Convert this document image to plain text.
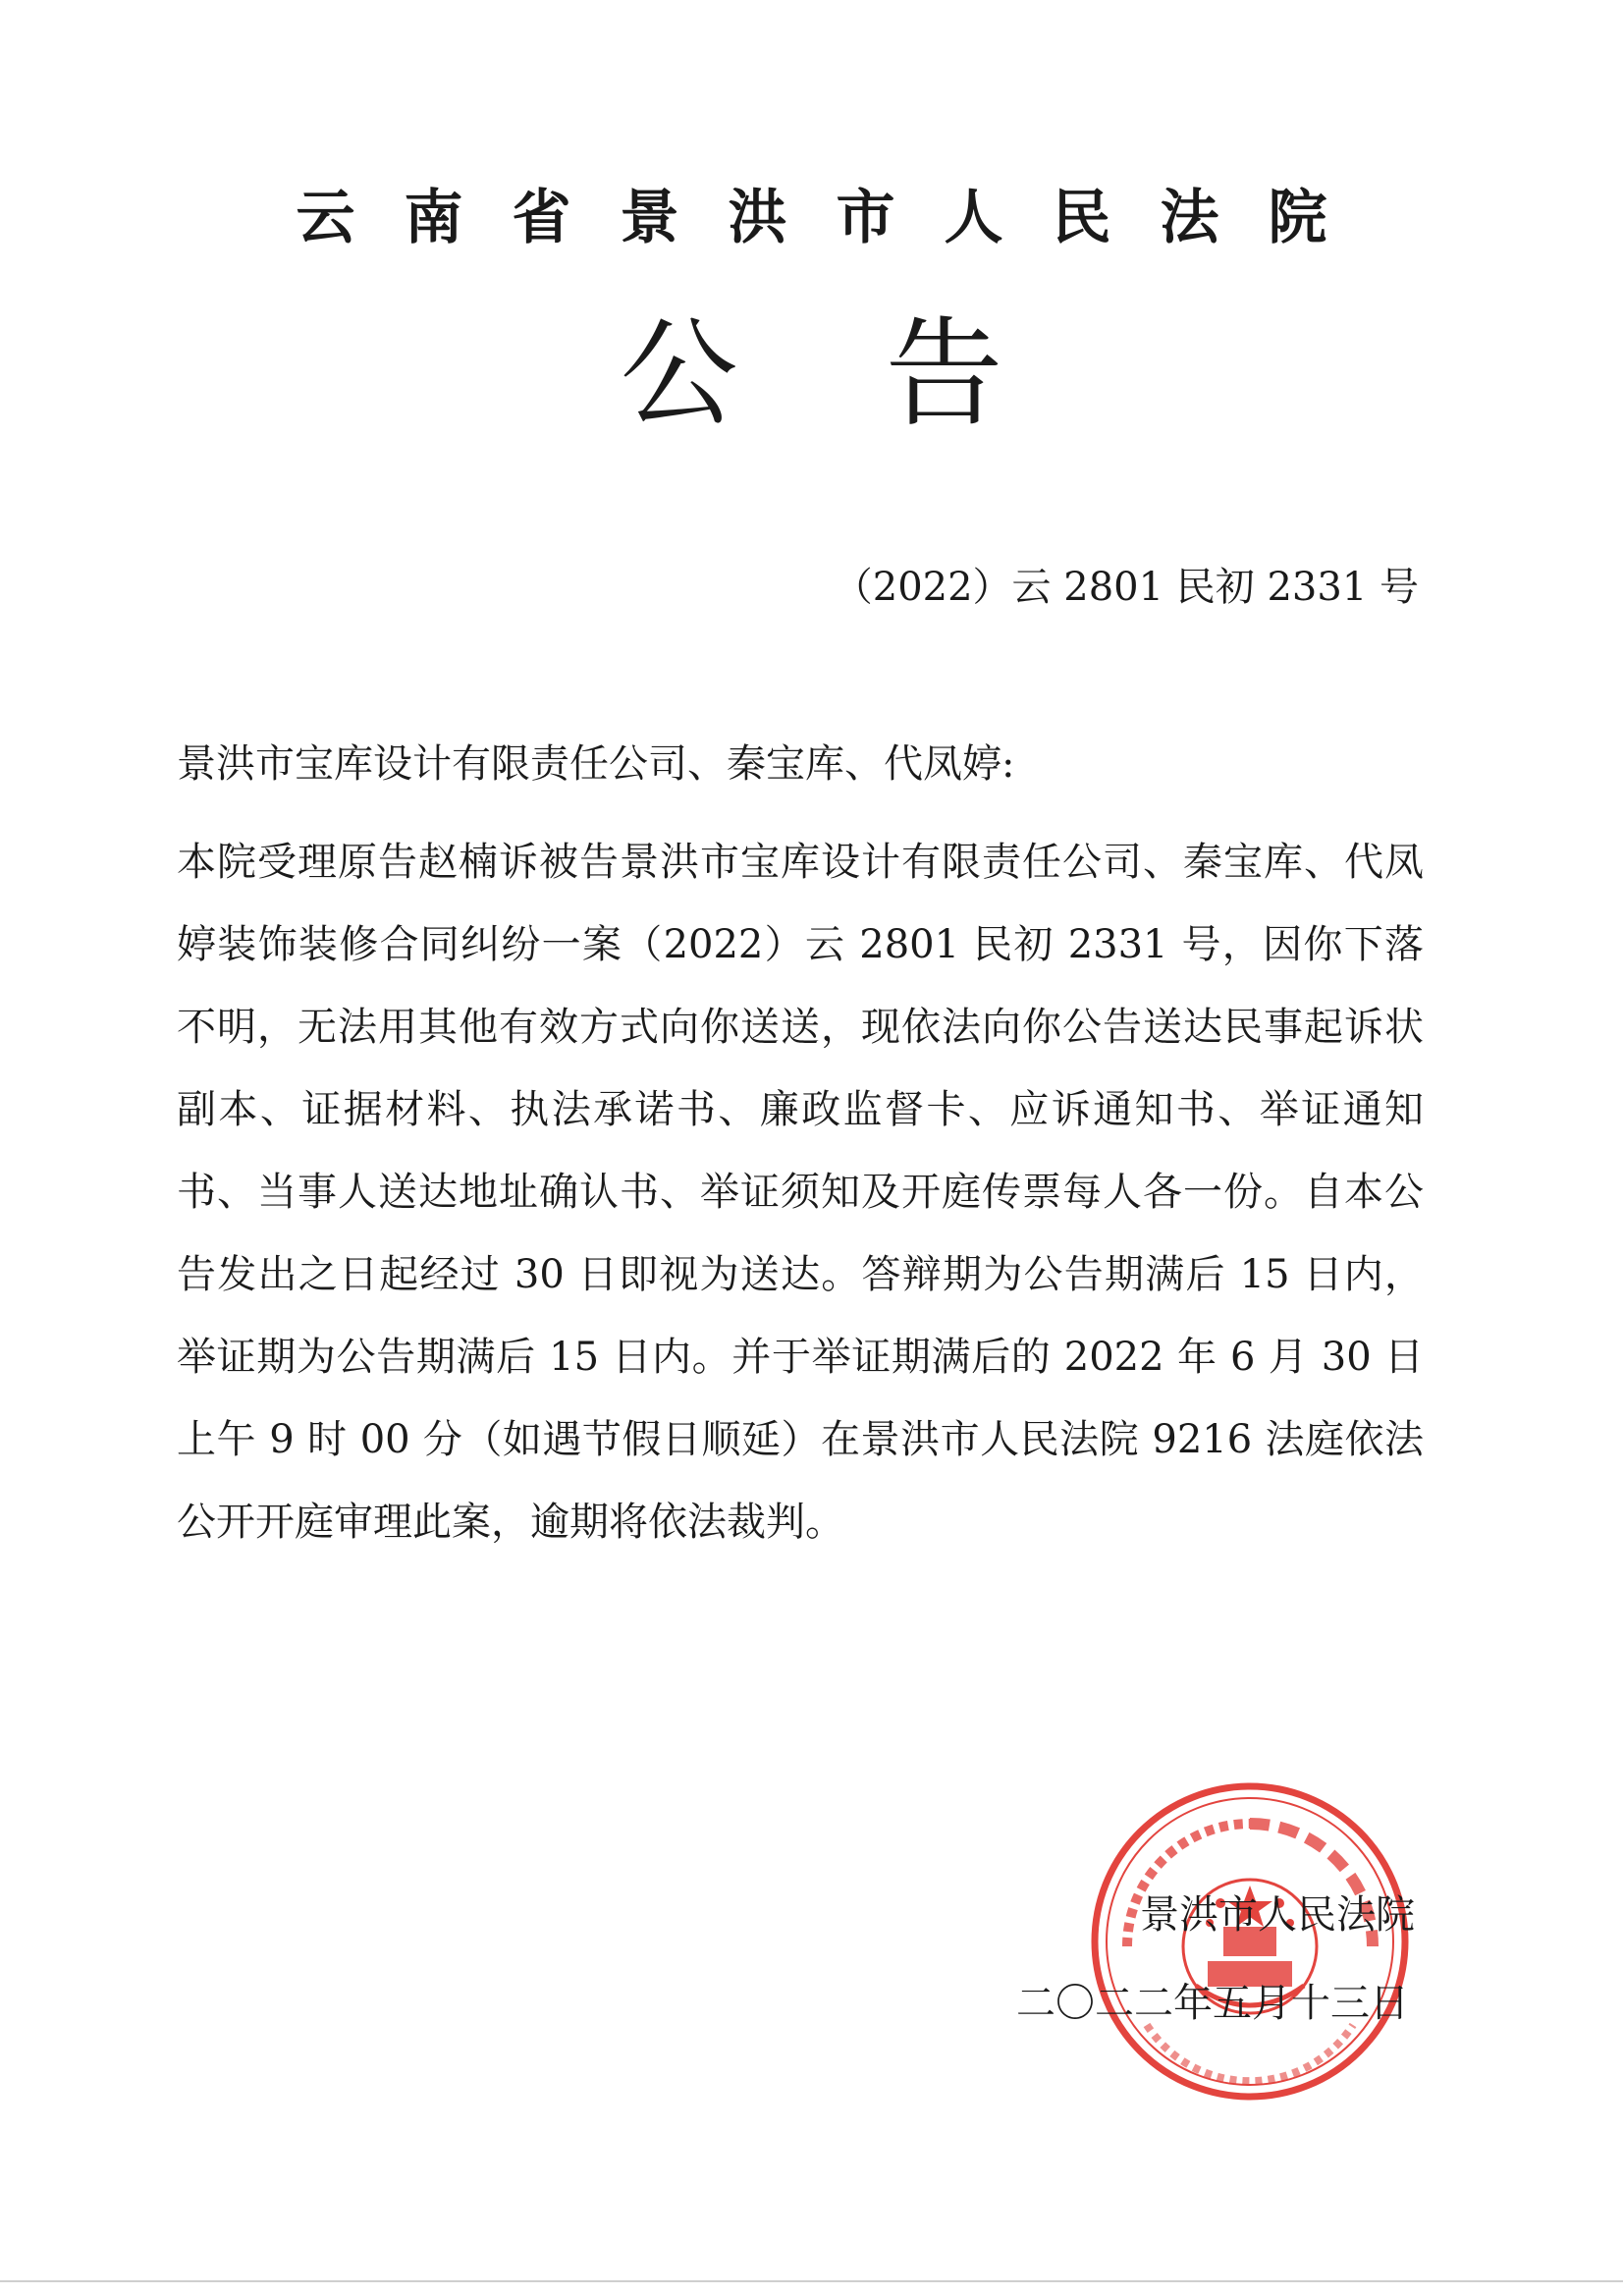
云南省景洪市人民法院
公告
（2022）云 2801 民初 2331 号
景洪市宝库设计有限责任公司、秦宝库、代凤婷:

本院受理原告赵楠诉被告景洪市宝库设计有限责任公司、秦宝库、代凤婷装饰装修合同纠纷一案（2022）云 2801 民初 2331 号，因你下落不明，无法用其他有效方式向你送送，现依法向你公告送达民事起诉状副本、证据材料、执法承诺书、廉政监督卡、应诉通知书、举证通知书、当事人送达地址确认书、举证须知及开庭传票每人各一份。自本公告发出之日起经过 30 日即视为送达。答辩期为公告期满后 15 日内，举证期为公告期满后 15 日内。并于举证期满后的 2022 年 6 月 30 日上午 9 时 00 分（如遇节假日顺延）在景洪市人民法院 9216 法庭依法公开开庭审理此案，逾期将依法裁判。

景洪市人民法院
二〇二二年五月十三日
